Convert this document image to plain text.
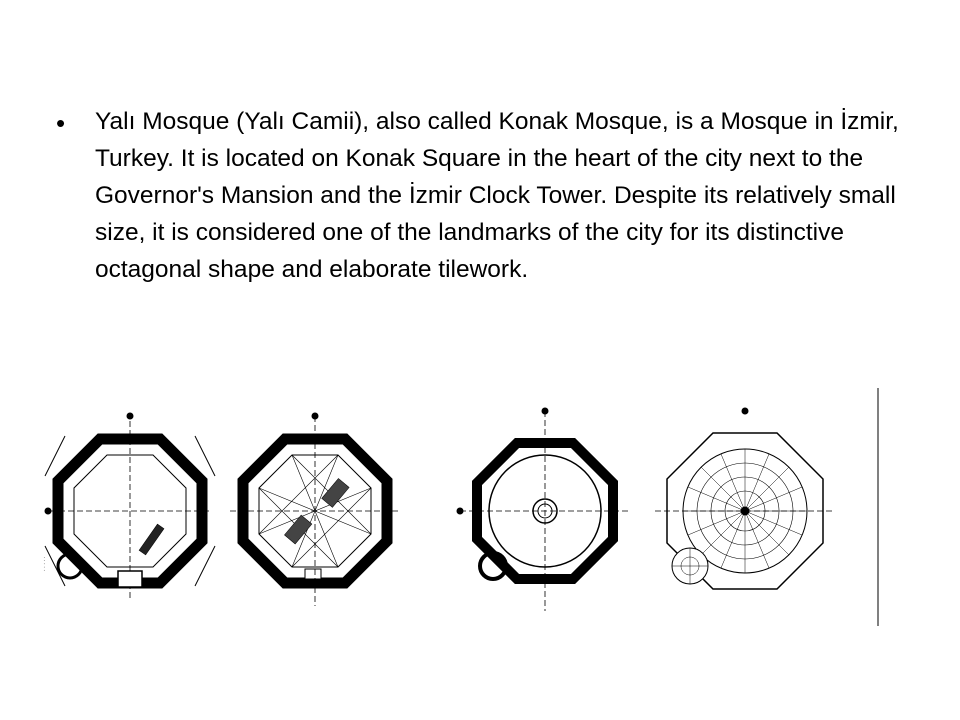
• Yalı Mosque (Yalı Camii), also called Konak Mosque, is a Mosque in İzmir, Turkey. It is located on Konak Square in the heart of the city next to the Governor's Mansion and the İzmir Clock Tower. Despite its relatively small size, it is considered one of the landmarks of the city for its distinctive octagonal shape and elaborate tilework.
· · · · ·
